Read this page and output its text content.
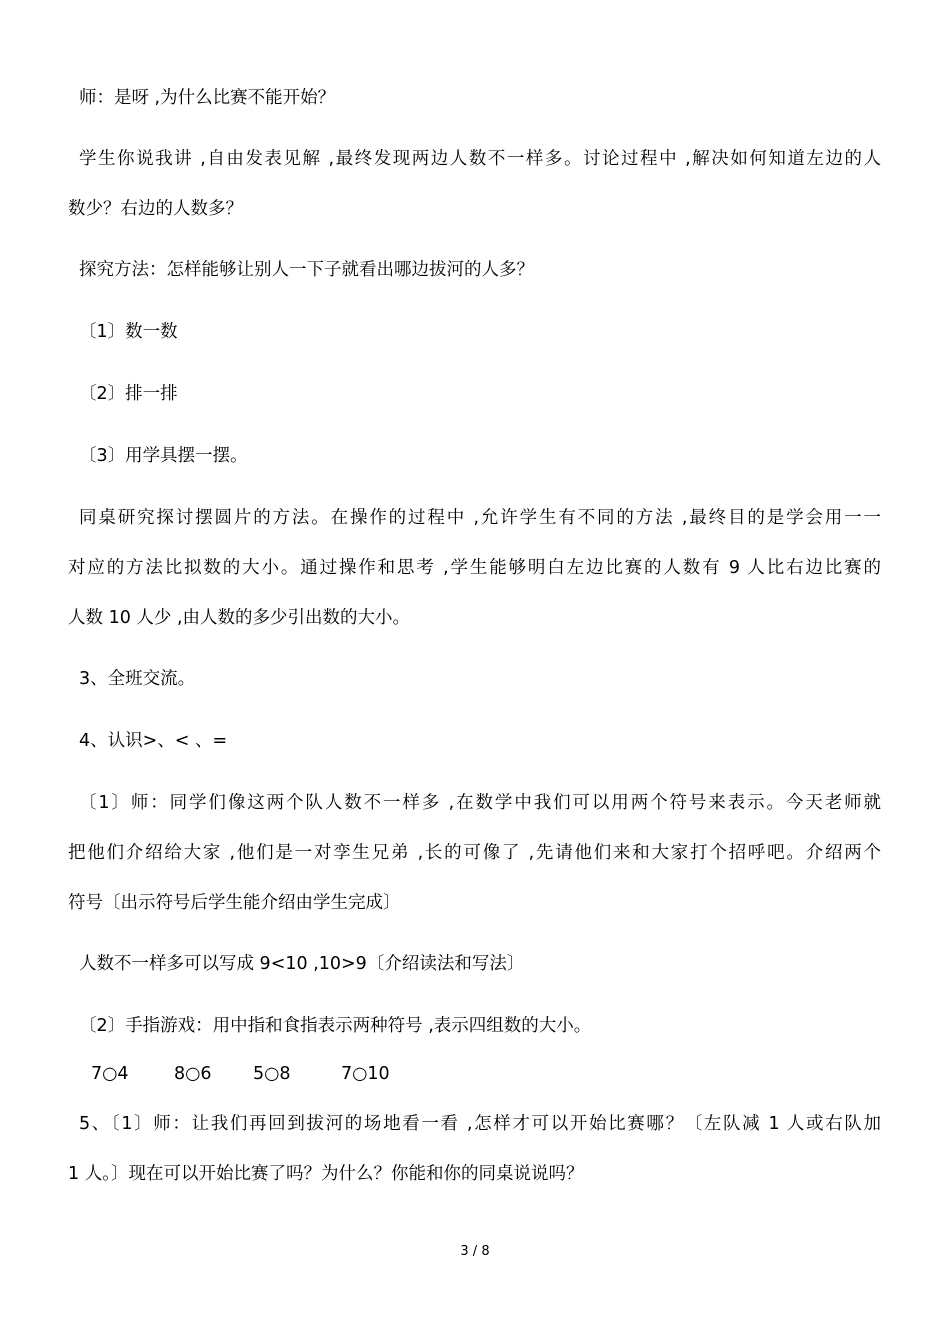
师：是呀 ,为什么比赛不能开始？
学生你说我讲 ,自由发表见解 ,最终发现两边人数不一样多。讨论过程中 ,解决如何知道左边的人
数少？右边的人数多？
探究方法：怎样能够让别人一下子就看出哪边拔河的人多？
〔1〕数一数
〔2〕排一排
〔3〕用学具摆一摆。
同桌研究探讨摆圆片的方法。在操作的过程中 ,允许学生有不同的方法 ,最终目的是学会用一一
对应的方法比拟数的大小。通过操作和思考 ,学生能够明白左边比赛的人数有 9 人比右边比赛的
人数 10 人少 ,由人数的多少引出数的大小。
3、全班交流。
4、认识>、< 、=
〔1〕师：同学们像这两个队人数不一样多 ,在数学中我们可以用两个符号来表示。今天老师就
把他们介绍给大家 ,他们是一对孪生兄弟 ,长的可像了 ,先请他们来和大家打个招呼吧。介绍两个
符号〔出示符号后学生能介绍由学生完成〕
人数不一样多可以写成 9<10 ,10>9〔介绍读法和写法〕
〔2〕手指游戏：用中指和食指表示两种符号 ,表示四组数的大小。
7○4	8○6 5○8	7○10
5、〔1〕师：让我们再回到拔河的场地看一看 ,怎样才可以开始比赛哪？〔左队减 1 人或右队加
1 人。〕现在可以开始比赛了吗？为什么？你能和你的同桌说说吗？
3 / 8
